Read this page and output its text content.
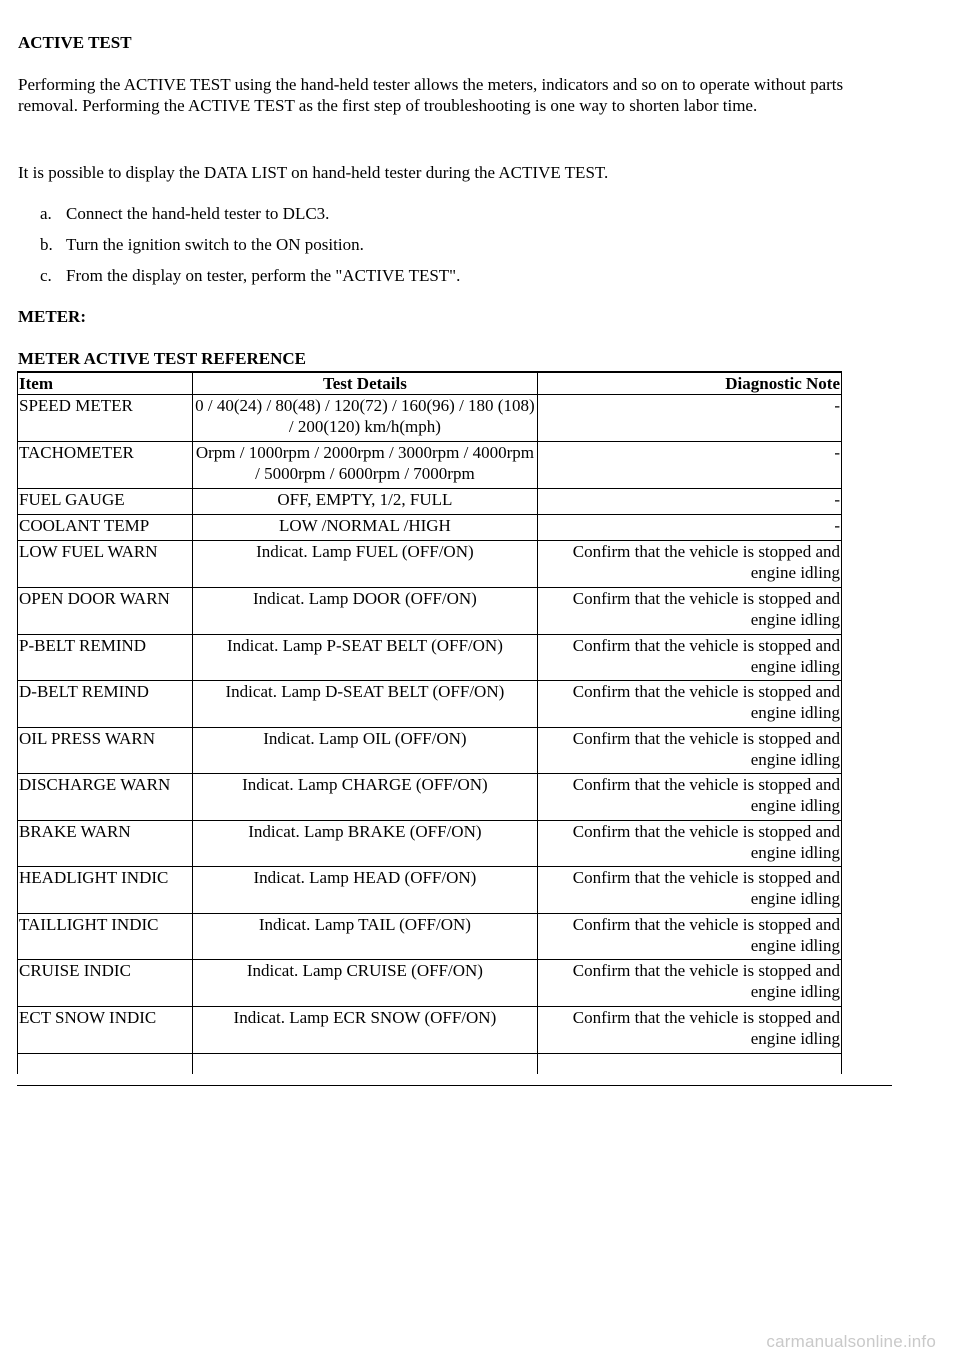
ACTIVE TEST

Performing the ACTIVE TEST using the hand-held tester allows the meters, indicators and so on to operate without parts removal. Performing the ACTIVE TEST as the first step of troubleshooting is one way to shorten labor time.

It is possible to display the DATA LIST on hand-held tester during the ACTIVE TEST.

a. Connect the hand-held tester to DLC3.
b. Turn the ignition switch to the ON position.
c. From the display on tester, perform the "ACTIVE TEST".
METER:
METER ACTIVE TEST REFERENCE
Item	Test Details	Diagnostic Note
SPEED METER	0 / 40(24) / 80(48) / 120(72) / 160(96) / 180 (108) / 200(120) km/h(mph)	-
TACHOMETER	Orpm / 1000rpm / 2000rpm / 3000rpm / 4000rpm / 5000rpm / 6000rpm / 7000rpm	-
FUEL GAUGE	OFF, EMPTY, 1/2, FULL	-
COOLANT TEMP	LOW /NORMAL /HIGH	-
LOW FUEL WARN	Indicat. Lamp FUEL (OFF/ON)	Confirm that the vehicle is stopped and engine idling
OPEN DOOR WARN	Indicat. Lamp DOOR (OFF/ON)	Confirm that the vehicle is stopped and engine idling
P-BELT REMIND	Indicat. Lamp P-SEAT BELT (OFF/ON)	Confirm that the vehicle is stopped and engine idling
D-BELT REMIND	Indicat. Lamp D-SEAT BELT (OFF/ON)	Confirm that the vehicle is stopped and engine idling
OIL PRESS WARN	Indicat. Lamp OIL (OFF/ON)	Confirm that the vehicle is stopped and engine idling
DISCHARGE WARN	Indicat. Lamp CHARGE (OFF/ON)	Confirm that the vehicle is stopped and engine idling
BRAKE WARN	Indicat. Lamp BRAKE (OFF/ON)	Confirm that the vehicle is stopped and engine idling
HEADLIGHT INDIC	Indicat. Lamp HEAD (OFF/ON)	Confirm that the vehicle is stopped and engine idling
TAILLIGHT INDIC	Indicat. Lamp TAIL (OFF/ON)	Confirm that the vehicle is stopped and engine idling
CRUISE INDIC	Indicat. Lamp CRUISE (OFF/ON)	Confirm that the vehicle is stopped and engine idling
ECT SNOW INDIC	Indicat. Lamp ECR SNOW (OFF/ON)	Confirm that the vehicle is stopped and engine idling

carmanualsonline.info
